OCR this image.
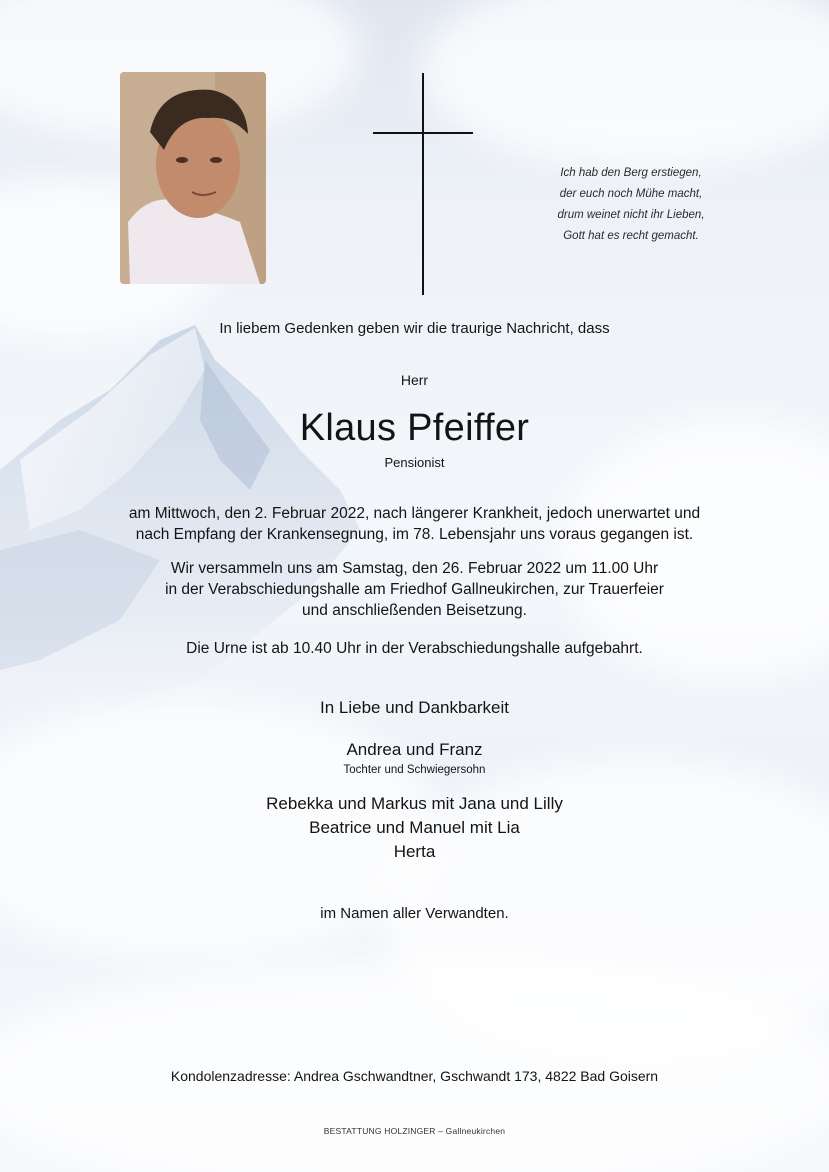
Ich hab den Berg erstiegen,
der euch noch Mühe macht,
drum weinet nicht ihr Lieben,
Gott hat es recht gemacht.
In liebem Gedenken geben wir die traurige Nachricht, dass
Herr
Klaus Pfeiffer
Pensionist
am Mittwoch, den 2. Februar 2022, nach längerer Krankheit, jedoch unerwartet und
nach Empfang der Krankensegnung, im 78. Lebensjahr uns voraus gegangen ist.
Wir versammeln uns am Samstag, den 26. Februar 2022 um 11.00 Uhr
in der Verabschiedungshalle am Friedhof Gallneukirchen, zur Trauerfeier
und anschließenden Beisetzung.
Die Urne ist ab 10.40 Uhr in der Verabschiedungshalle aufgebahrt.
In Liebe und Dankbarkeit
Andrea und Franz
Tochter und Schwiegersohn
Rebekka und Markus mit Jana und Lilly
Beatrice und Manuel mit Lia
Herta
im Namen aller Verwandten.
Kondolenzadresse: Andrea Gschwandtner, Gschwandt 173, 4822 Bad Goisern
BESTATTUNG HOLZINGER – Gallneukirchen
